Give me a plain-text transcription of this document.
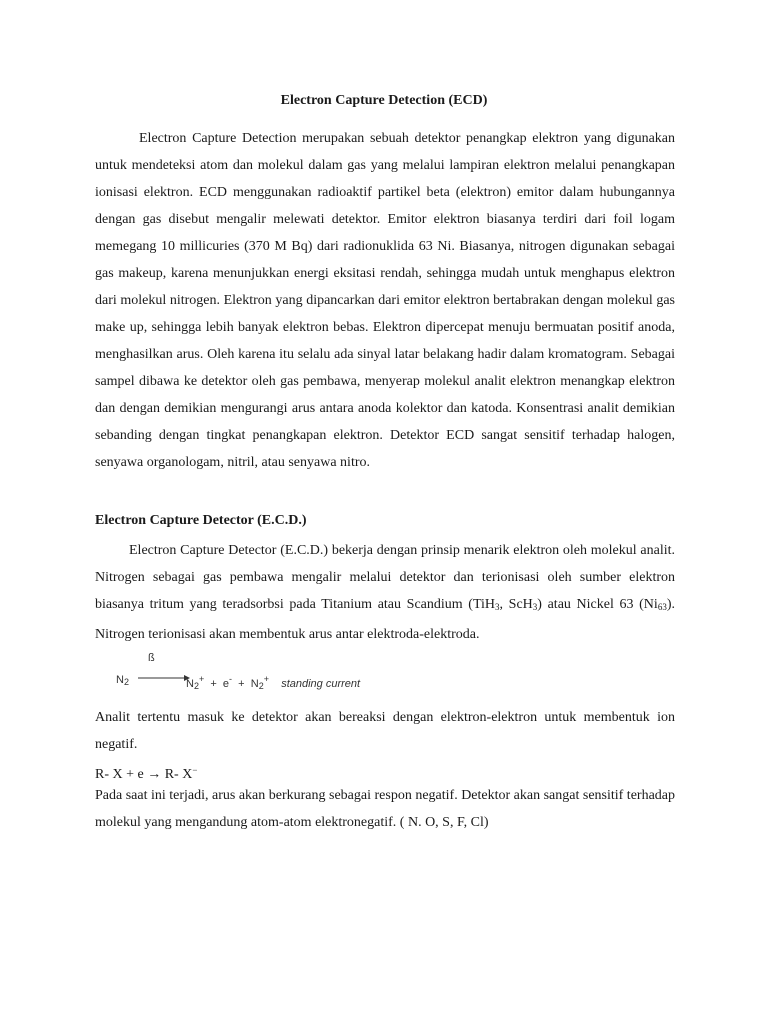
Electron Capture Detection (ECD)
Electron Capture Detection merupakan sebuah detektor penangkap elektron yang digunakan untuk mendeteksi atom dan molekul dalam gas yang melalui lampiran elektron melalui penangkapan ionisasi elektron. ECD menggunakan radioaktif partikel beta (elektron) emitor dalam hubungannya dengan gas disebut mengalir melewati detektor. Emitor elektron biasanya terdiri dari foil logam memegang 10 millicuries (370 M Bq) dari radionuklida 63 Ni. Biasanya, nitrogen digunakan sebagai gas makeup, karena menunjukkan energi eksitasi rendah, sehingga mudah untuk menghapus elektron dari molekul nitrogen. Elektron yang dipancarkan dari emitor elektron bertabrakan dengan molekul gas make up, sehingga lebih banyak elektron bebas. Elektron dipercepat menuju bermuatan positif anoda, menghasilkan arus. Oleh karena itu selalu ada sinyal latar belakang hadir dalam kromatogram. Sebagai sampel dibawa ke detektor oleh gas pembawa, menyerap molekul analit elektron menangkap elektron dan dengan demikian mengurangi arus antara anoda kolektor dan katoda. Konsentrasi analit demikian sebanding dengan tingkat penangkapan elektron. Detektor ECD sangat sensitif terhadap halogen, senyawa organologam, nitril, atau senyawa nitro.
Electron Capture Detector (E.C.D.)
Electron Capture Detector (E.C.D.) bekerja dengan prinsip menarik elektron oleh molekul analit. Nitrogen sebagai gas pembawa mengalir melalui detektor dan terionisasi oleh sumber elektron biasanya tritum yang teradsorbsi pada Titanium atau Scandium (TiH$_3$, ScH$_3$) atau Nickel 63 $(Ni_{63})$. Nitrogen terionisasi akan membentuk arus antar elektroda-elektroda.
ß
$N_2$	$N_2^+ + e^- + N_2^+$ standing current
Analit tertentu masuk ke detektor akan bereaksi dengan elektron-elektron untuk membentuk ion negatif.
R- X + e → R- X−
Pada saat ini terjadi, arus akan berkurang sebagai respon negatif. Detektor akan sangat sensitif terhadap molekul yang mengandung atom-atom elektronegatif. ( N. O, S, F, Cl)
